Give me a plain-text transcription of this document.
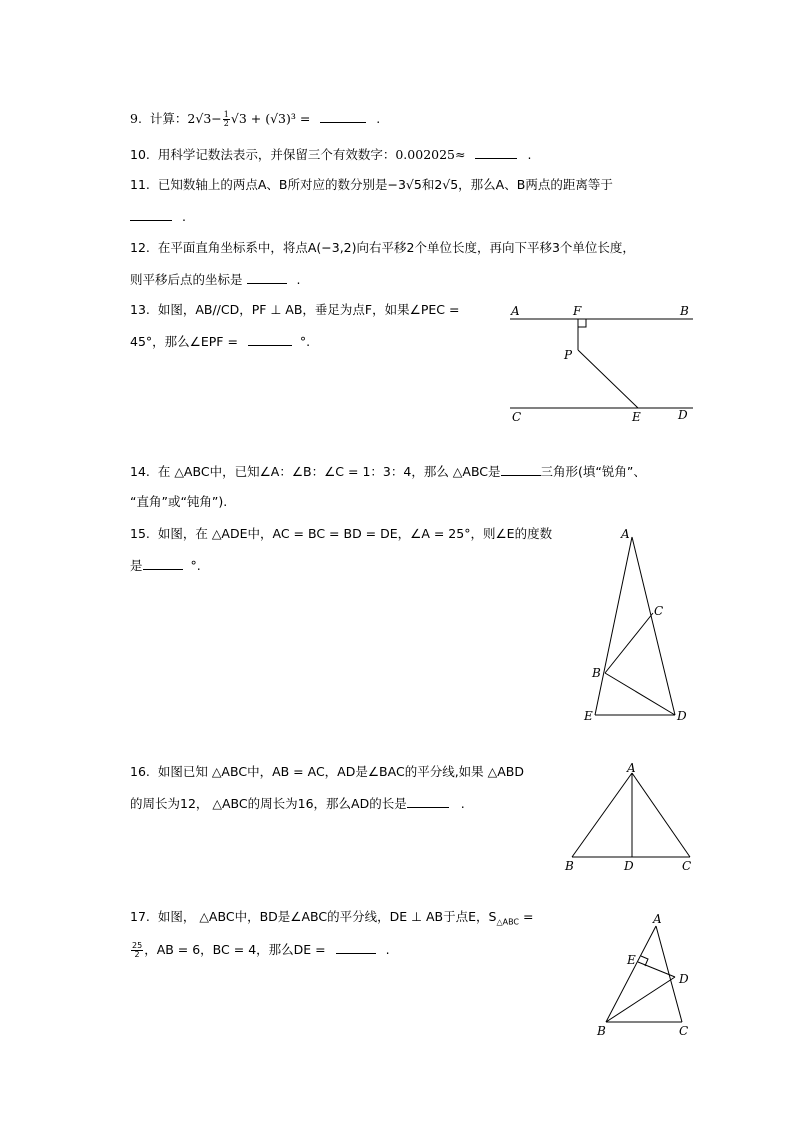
9. 计算：$2√3- \frac{1}{2} √3 + (√3)^3$ =	.
10. 用科学记数法表示，并保留三个有效数字：0.002025≈	.
11. 已知数轴上的两点A、B所对应的数分别是−3√5和2√5，那么A、B两点的距离等于
.
12. 在平面直角坐标系中，将点A(−3,2)向右平移2个单位长度，再向下平移3个单位长度，
则平移后点的坐标是	.
13. 如图，AB//CD，PF ⊥ AB，垂足为点F，如果∠PEC =
45°，那么∠EPF =	°.
A	F	B
P
C	E	D
14. 在 △ABC中，已知∠A：∠B：∠C = 1：3：4，那么 △ABC是	三角形(填“锐角”、
“直角”或“钝角”).
15. 如图，在 △ADE中，AC = BC = BD = DE，∠A = 25°，则∠E的度数
是	°.
A
C
B
E	D
16. 如图已知 △ABC中，AB = AC，AD是∠BAC的平分线,如果 △ABD
的周长为12， △ABC的周长为16，那么AD的长是	.
A
B	D	C
17. 如图， △ABC中，BD是∠ABC的平分线，DE ⊥ AB于点E，$S_{\triangle ABC}$ =
$\frac{25}{2}$ ，AB = 6，BC = 4，那么DE =	.
A
E
D
B	C
